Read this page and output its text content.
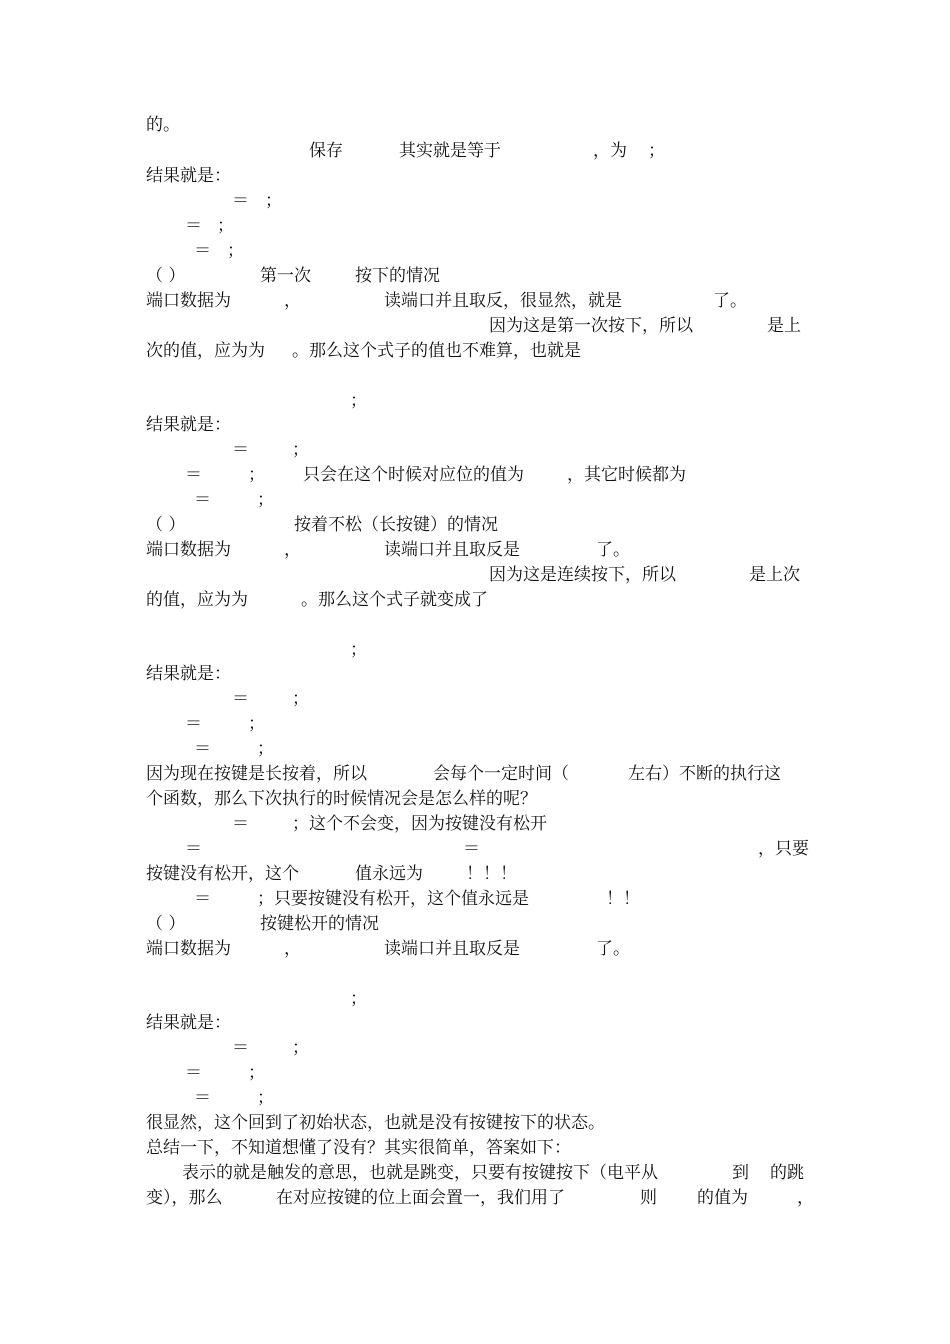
的。
保存	其实就是等于	，为 ；
结果就是：
＝ ；
＝ ；
＝ ；
（ ）	第一次	按下的情况
端口数据为	，	读端口并且取反，很显然，就是	了。
因为这是第一次按下，所以	是上
次的值，应为为 。那么这个式子的值也不难算，也就是
；
结果就是：
＝	；
＝	； 只会在这个时候对应位的值为	，其它时候都为
＝	；
（ ）	按着不松（长按键）的情况
端口数据为	，	读端口并且取反是	了。
因为这是连续按下，所以	是上次
的值，应为为	。那么这个式子就变成了
；
结果就是：
＝	；
＝	；
＝	；
因为现在按键是长按着，所以	会每个一定时间（	左右）不断的执行这
个函数，那么下次执行的时候情况会是怎么样的呢？
＝	；这个不会变，因为按键没有松开
＝	＝	，只要
按键没有松开，这个	值永远为	！！！
＝	；只要按键没有松开，这个值永远是	！！
（ ）	按键松开的情况
端口数据为	，	读端口并且取反是	了。
；
结果就是：
＝	；
＝	；
＝	；
很显然，这个回到了初始状态，也就是没有按键按下的状态。
总结一下，不知道想懂了没有？其实很简单，答案如下：
表示的就是触发的意思，也就是跳变，只要有按键按下（电平从	到 的跳
变），那么	在对应按键的位上面会置一，我们用了	则 的值为	，
